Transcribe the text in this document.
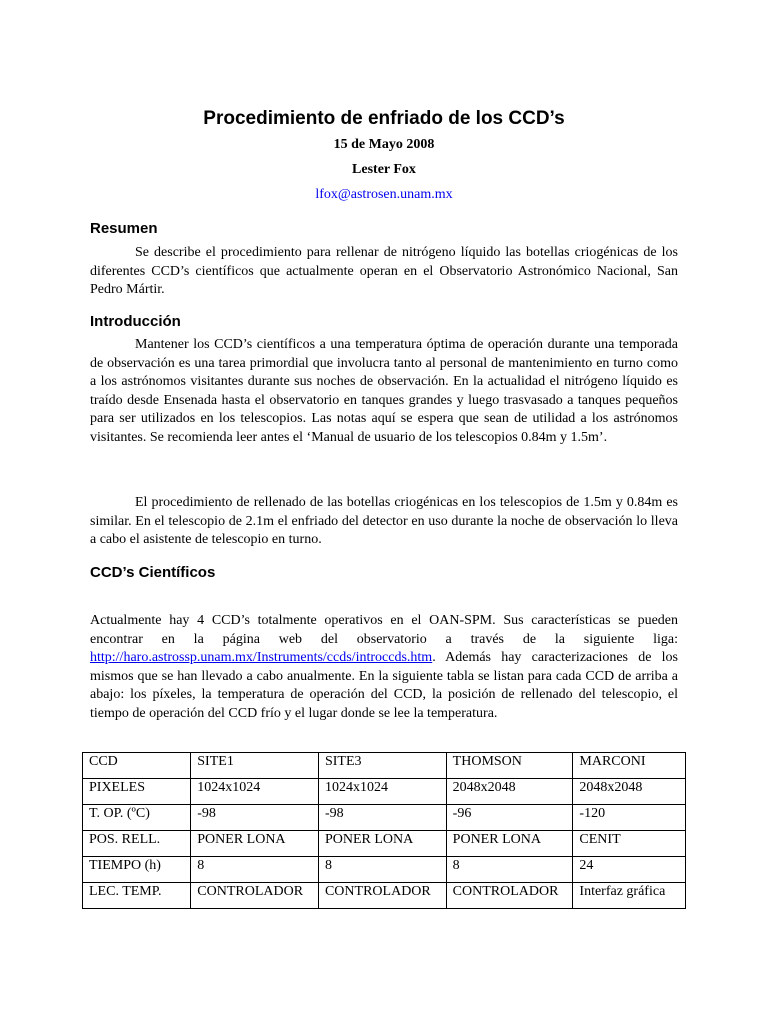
Procedimiento de enfriado de los CCD’s
15 de Mayo 2008
Lester Fox
lfox@astrosen.unam.mx
Resumen
Se describe el procedimiento para rellenar de nitrógeno líquido las botellas criogénicas de los diferentes CCD’s científicos que actualmente operan en el Observatorio Astronómico Nacional, San Pedro Mártir.
Introducción
Mantener los CCD’s científicos a una temperatura óptima de operación durante una temporada de observación es una tarea primordial que involucra tanto al personal de mantenimiento en turno como a los astrónomos visitantes durante sus noches de observación. En la actualidad el nitrógeno líquido es traído desde Ensenada hasta el observatorio en tanques grandes y luego trasvasado a tanques pequeños para ser utilizados en los telescopios. Las notas aquí se espera que sean de utilidad a los astrónomos visitantes. Se recomienda leer antes el ‘Manual de usuario de los telescopios 0.84m y 1.5m’.
El procedimiento de rellenado de las botellas criogénicas en los telescopios de 1.5m y 0.84m es similar. En el telescopio de 2.1m el enfriado del detector en uso durante la noche de observación lo lleva a cabo el asistente de telescopio en turno.
CCD’s Científicos
Actualmente hay 4 CCD’s totalmente operativos en el OAN-SPM. Sus características se pueden encontrar en la página web del observatorio a través de la siguiente liga: http://haro.astrossp.unam.mx/Instruments/ccds/introccds.htm. Además hay caracterizaciones de los mismos que se han llevado a cabo anualmente. En la siguiente tabla se listan para cada CCD de arriba a abajo: los píxeles, la temperatura de operación del CCD, la posición de rellenado del telescopio, el tiempo de operación del CCD frío y el lugar donde se lee la temperatura.
CCD	SITE1	SITE3	THOMSON	MARCONI
PIXELES	1024x1024	1024x1024	2048x2048	2048x2048
T. OP. (ºC)	-98	-98	-96	-120
POS. RELL.	PONER LONA	PONER LONA	PONER LONA	CENIT
TIEMPO (h)	8	8	8	24
LEC. TEMP.	CONTROLADOR	CONTROLADOR	CONTROLADOR	Interfaz gráfica
